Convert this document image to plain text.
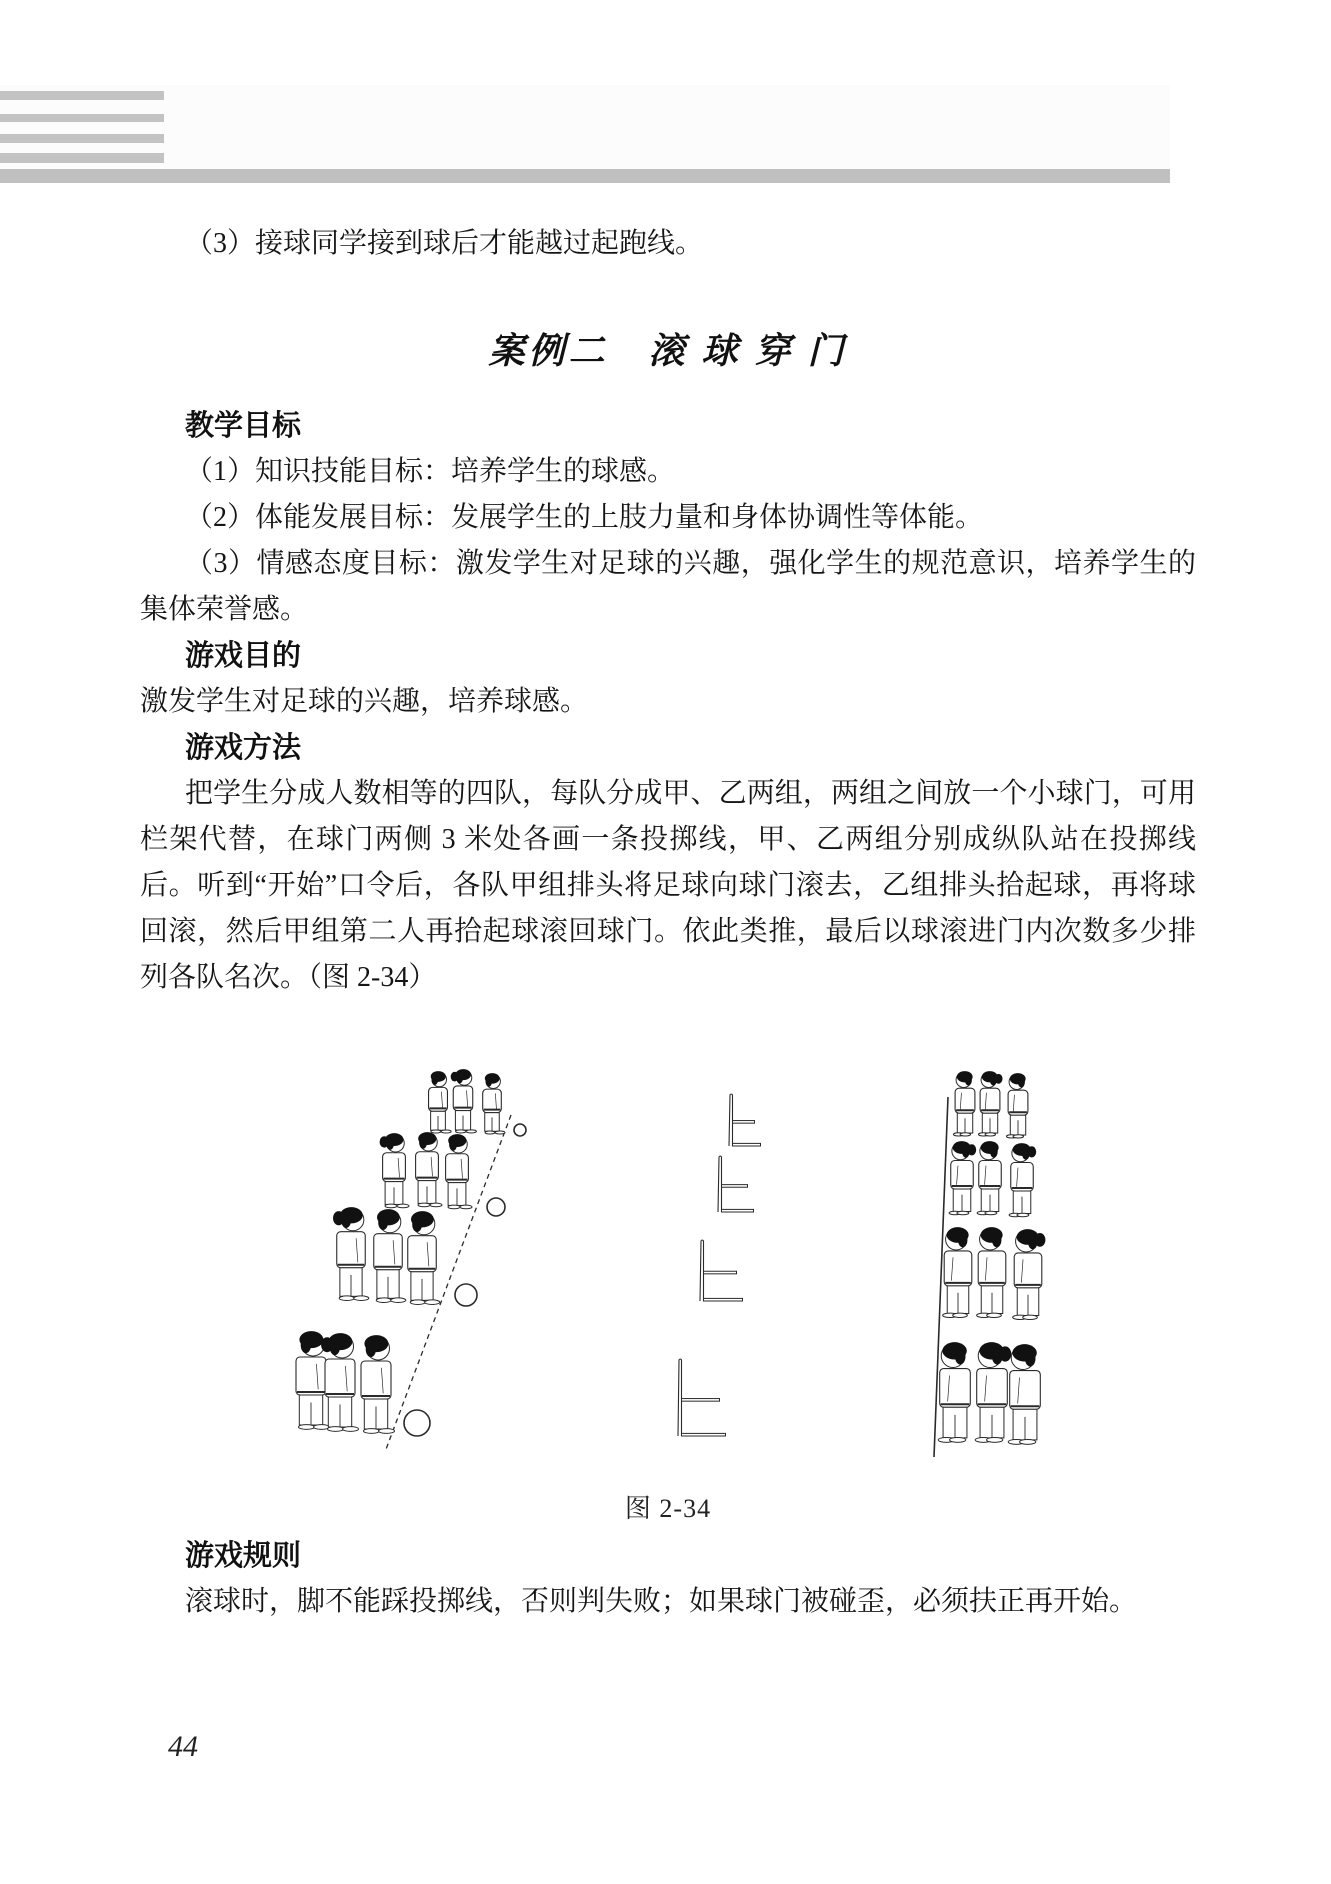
（3）接球同学接到球后才能越过起跑线。

案例二　滚 球 穿 门
教学目标

（1）知识技能目标：培养学生的球感。

（2）体能发展目标：发展学生的上肢力量和身体协调性等体能。

（3）情感态度目标：激发学生对足球的兴趣，强化学生的规范意识，培养学生的集体荣誉感。

游戏目的

激发学生对足球的兴趣，培养球感。

游戏方法

把学生分成人数相等的四队，每队分成甲、乙两组，两组之间放一个小球门，可用栏架代替，在球门两侧 3 米处各画一条投掷线，甲、乙两组分别成纵队站在投掷线后。听到“开始”口令后，各队甲组排头将足球向球门滚去，乙组排头拾起球，再将球回滚，然后甲组第二人再拾起球滚回球门。依此类推，最后以球滚进门内次数多少排列各队名次。（图 2-34）

图 2-34
游戏规则

滚球时，脚不能踩投掷线，否则判失败；如果球门被碰歪，必须扶正再开始。

44
